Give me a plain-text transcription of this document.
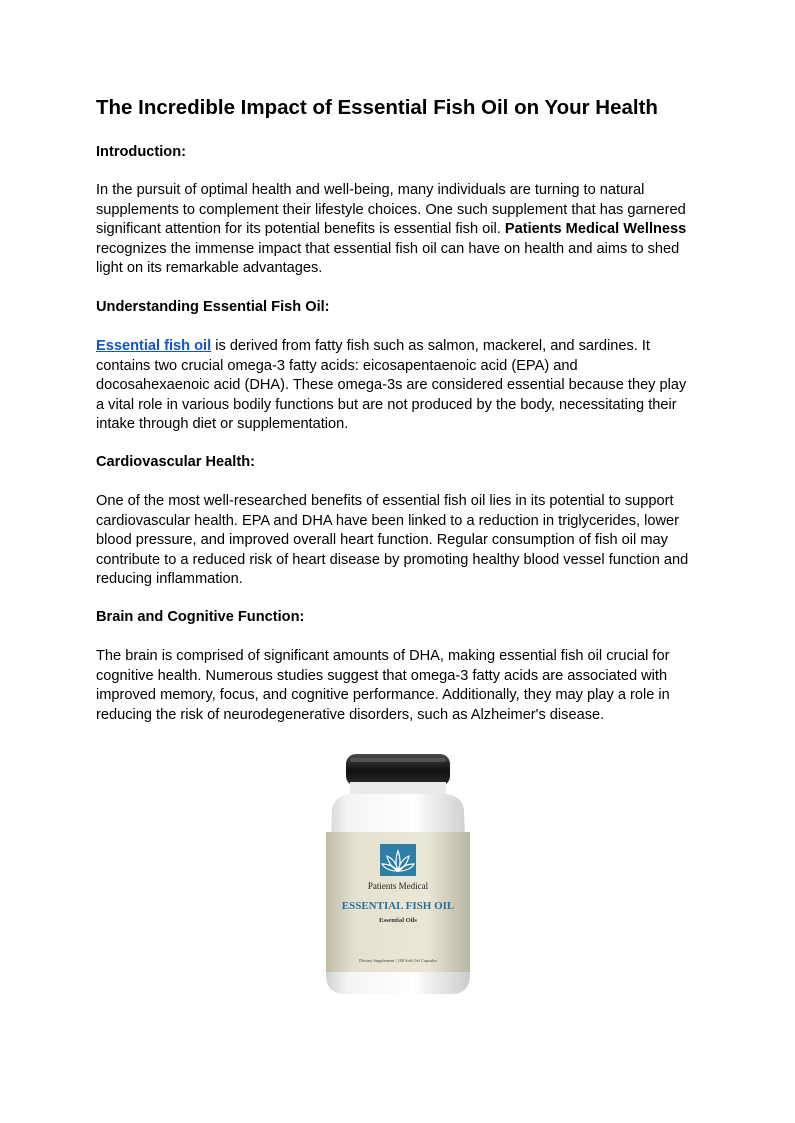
The Incredible Impact of Essential Fish Oil on Your Health
Introduction:
In the pursuit of optimal health and well-being, many individuals are turning to natural
supplements to complement their lifestyle choices. One such supplement that has garnered
significant attention for its potential benefits is essential fish oil. Patients Medical Wellness
recognizes the immense impact that essential fish oil can have on health and aims to shed
light on its remarkable advantages.
Understanding Essential Fish Oil:
Essential fish oil is derived from fatty fish such as salmon, mackerel, and sardines. It
contains two crucial omega-3 fatty acids: eicosapentaenoic acid (EPA) and
docosahexaenoic acid (DHA). These omega-3s are considered essential because they play
a vital role in various bodily functions but are not produced by the body, necessitating their
intake through diet or supplementation.
Cardiovascular Health:
One of the most well-researched benefits of essential fish oil lies in its potential to support
cardiovascular health. EPA and DHA have been linked to a reduction in triglycerides, lower
blood pressure, and improved overall heart function. Regular consumption of fish oil may
contribute to a reduced risk of heart disease by promoting healthy blood vessel function and
reducing inflammation.
Brain and Cognitive Function:
The brain is comprised of significant amounts of DHA, making essential fish oil crucial for
cognitive health. Numerous studies suggest that omega-3 fatty acids are associated with
improved memory, focus, and cognitive performance. Additionally, they may play a role in
reducing the risk of neurodegenerative disorders, such as Alzheimer's disease.
Patients Medical
ESSENTIAL FISH OIL
Essential Oils
Dietary Supplement | 180 Soft Gel Capsules
